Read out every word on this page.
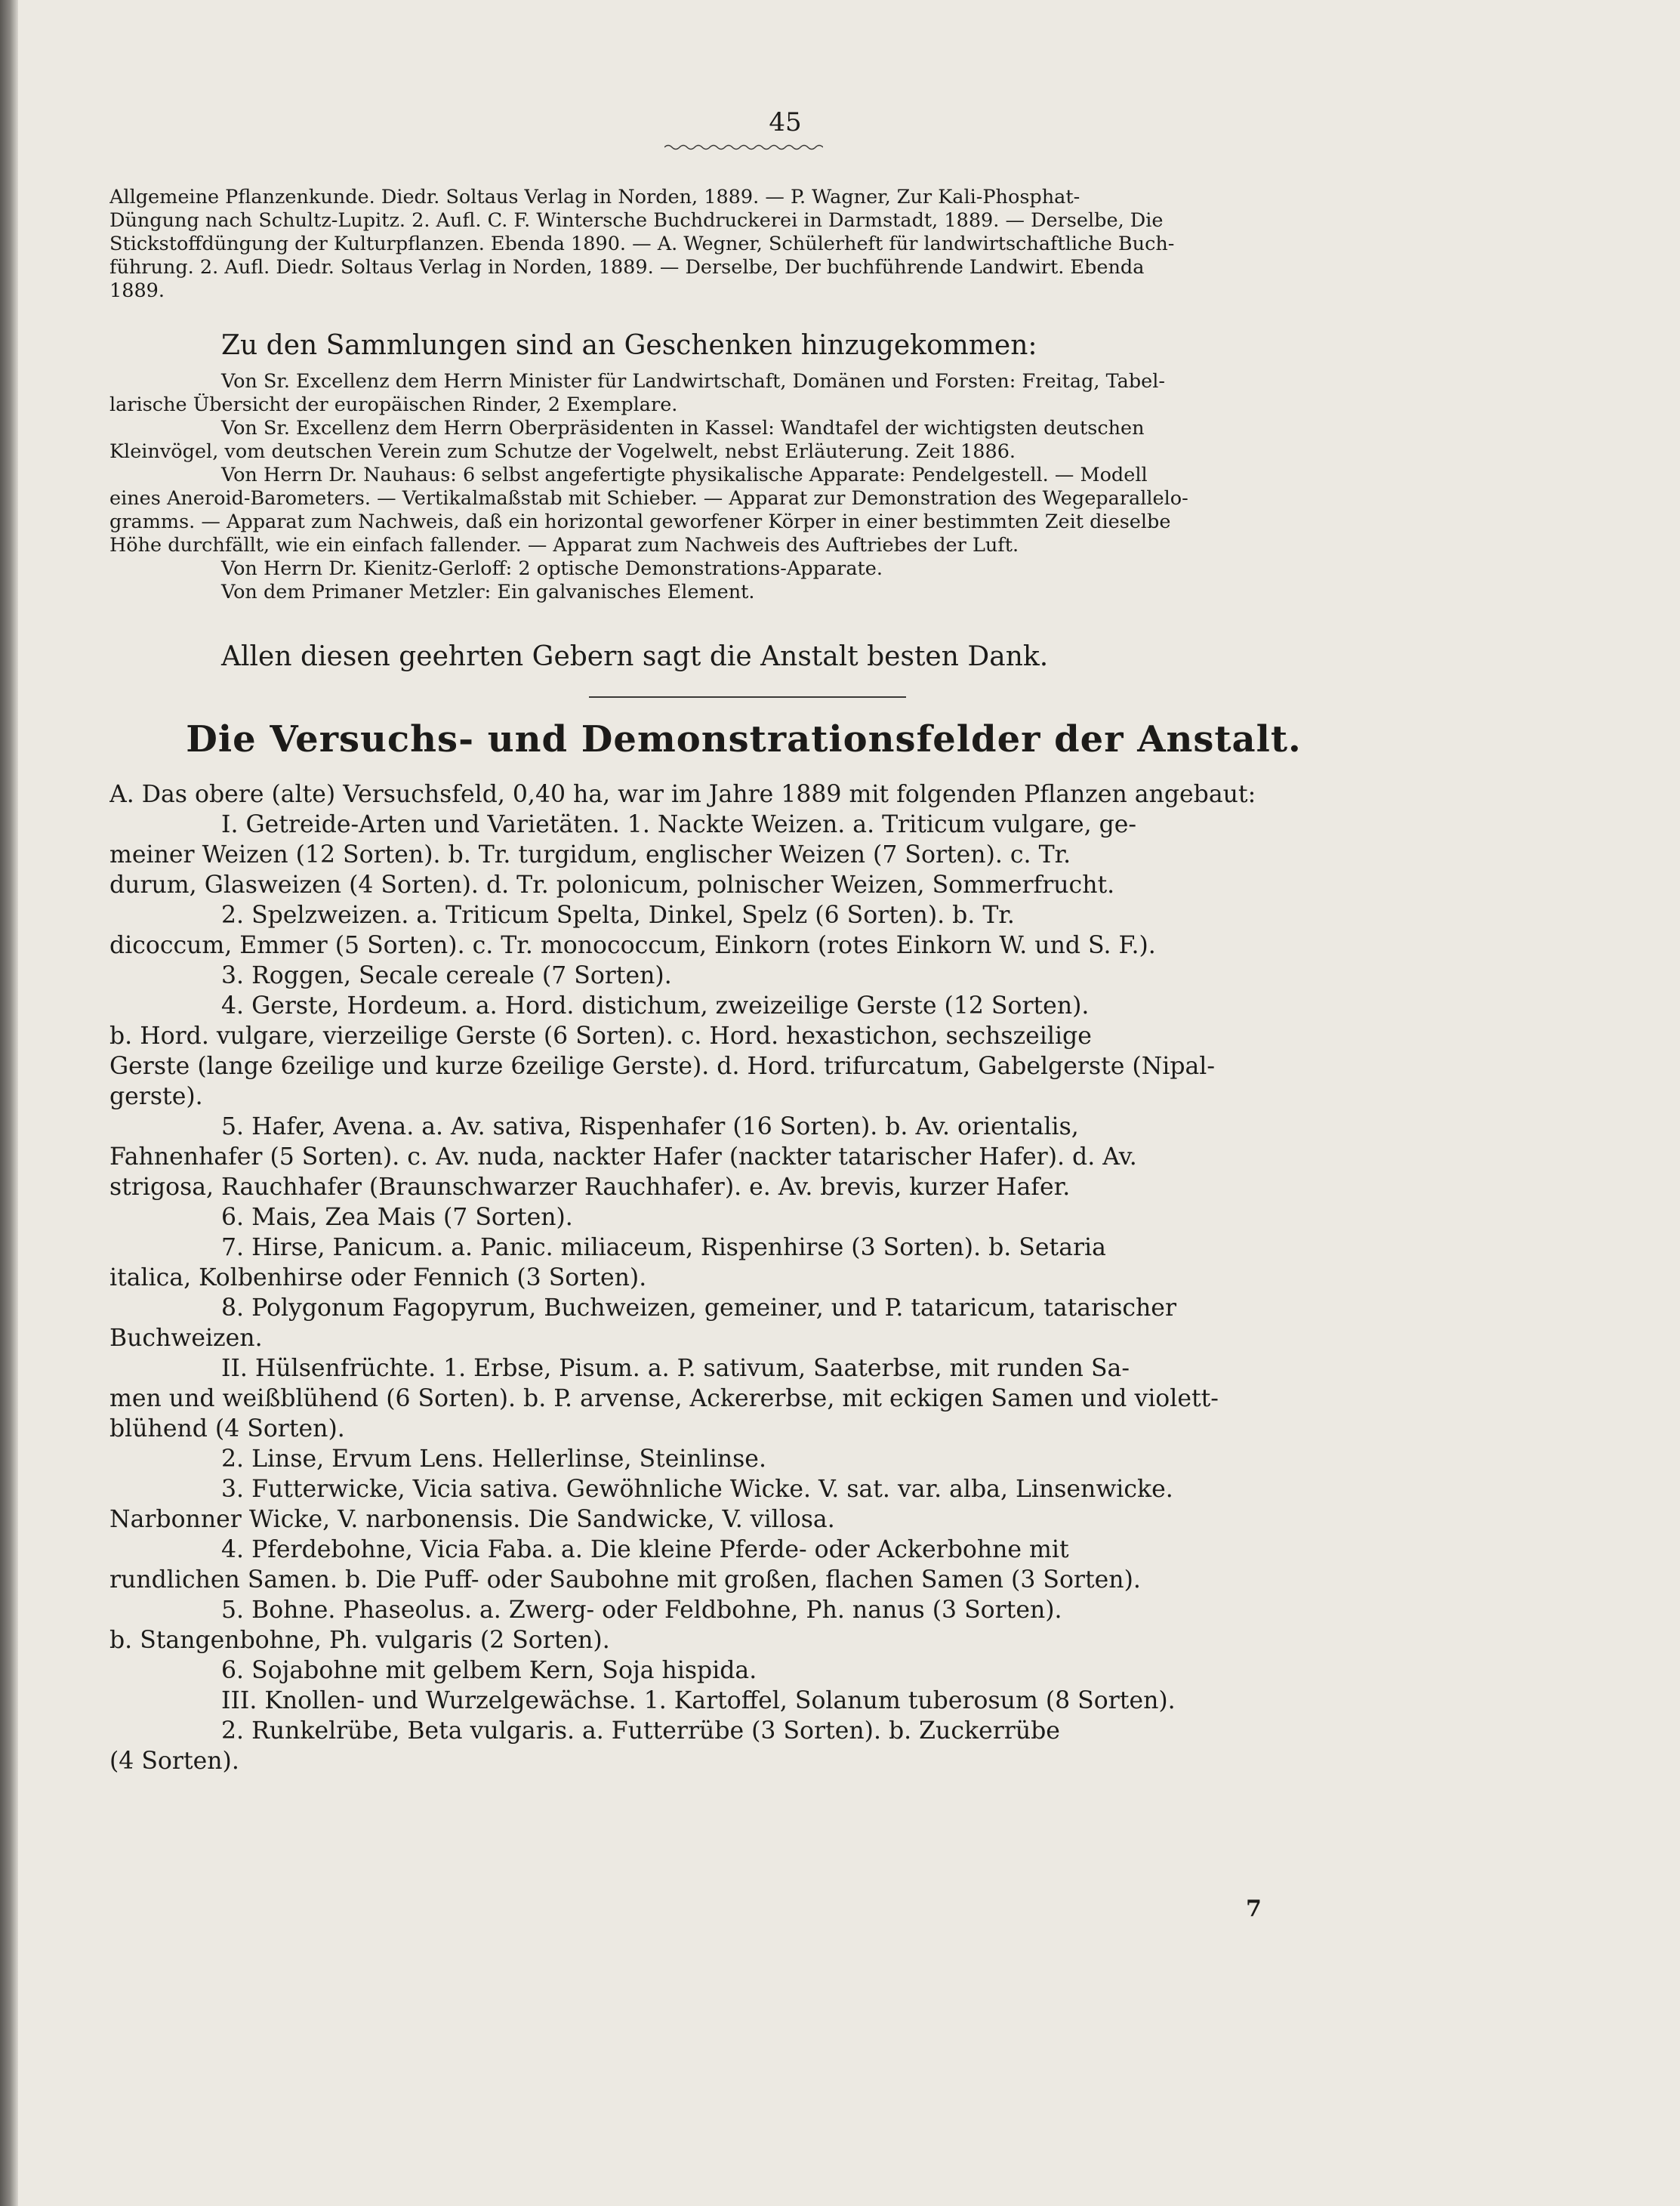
45

Allgemeine Pflanzenkunde. Diedr. Soltaus Verlag in Norden, 1889. — P. Wagner, Zur Kali-Phosphat-

Düngung nach Schultz-Lupitz. 2. Aufl. C. F. Wintersche Buchdruckerei in Darmstadt, 1889. — Derselbe, Die

Stickstoffdüngung der Kulturpflanzen. Ebenda 1890. — A. Wegner, Schülerheft für landwirtschaftliche Buch-

führung. 2. Aufl. Diedr. Soltaus Verlag in Norden, 1889. — Derselbe, Der buchführende Landwirt. Ebenda

1889.

Zu den Sammlungen sind an Geschenken hinzugekommen:

Von Sr. Excellenz dem Herrn Minister für Landwirtschaft, Domänen und Forsten: Freitag, Tabel-

larische Übersicht der europäischen Rinder, 2 Exemplare.

Von Sr. Excellenz dem Herrn Oberpräsidenten in Kassel: Wandtafel der wichtigsten deutschen

Kleinvögel, vom deutschen Verein zum Schutze der Vogelwelt, nebst Erläuterung. Zeit 1886.

Von Herrn Dr. Nauhaus: 6 selbst angefertigte physikalische Apparate: Pendelgestell. — Modell

eines Aneroid-Barometers. — Vertikalmaßstab mit Schieber. — Apparat zur Demonstration des Wegeparallelo-

gramms. — Apparat zum Nachweis, daß ein horizontal geworfener Körper in einer bestimmten Zeit dieselbe

Höhe durchfällt, wie ein einfach fallender. — Apparat zum Nachweis des Auftriebes der Luft.

Von Herrn Dr. Kienitz-Gerloff: 2 optische Demonstrations-Apparate.

Von dem Primaner Metzler: Ein galvanisches Element.

Allen diesen geehrten Gebern sagt die Anstalt besten Dank.

Die Versuchs- und Demonstrationsfelder der Anstalt.

A. Das obere (alte) Versuchsfeld, 0,40 ha, war im Jahre 1889 mit folgenden Pflanzen angebaut:

I. Getreide-Arten und Varietäten. 1. Nackte Weizen. a. Triticum vulgare, ge-

meiner Weizen (12 Sorten). b. Tr. turgidum, englischer Weizen (7 Sorten). c. Tr.

durum, Glasweizen (4 Sorten). d. Tr. polonicum, polnischer Weizen, Sommerfrucht.

2. Spelzweizen. a. Triticum Spelta, Dinkel, Spelz (6 Sorten). b. Tr.

dicoccum, Emmer (5 Sorten). c. Tr. monococcum, Einkorn (rotes Einkorn W. und S. F.).

3. Roggen, Secale cereale (7 Sorten).

4. Gerste, Hordeum. a. Hord. distichum, zweizeilige Gerste (12 Sorten).

b. Hord. vulgare, vierzeilige Gerste (6 Sorten). c. Hord. hexastichon, sechszeilige

Gerste (lange 6zeilige und kurze 6zeilige Gerste). d. Hord. trifurcatum, Gabelgerste (Nipal-

gerste).

5. Hafer, Avena. a. Av. sativa, Rispenhafer (16 Sorten). b. Av. orientalis,

Fahnenhafer (5 Sorten). c. Av. nuda, nackter Hafer (nackter tatarischer Hafer). d. Av.

strigosa, Rauchhafer (Braunschwarzer Rauchhafer). e. Av. brevis, kurzer Hafer.

6. Mais, Zea Mais (7 Sorten).

7. Hirse, Panicum. a. Panic. miliaceum, Rispenhirse (3 Sorten). b. Setaria

italica, Kolbenhirse oder Fennich (3 Sorten).

8. Polygonum Fagopyrum, Buchweizen, gemeiner, und P. tataricum, tatarischer

Buchweizen.

II. Hülsenfrüchte. 1. Erbse, Pisum. a. P. sativum, Saaterbse, mit runden Sa-

men und weißblühend (6 Sorten). b. P. arvense, Ackererbse, mit eckigen Samen und violett-

blühend (4 Sorten).

2. Linse, Ervum Lens. Hellerlinse, Steinlinse.

3. Futterwicke, Vicia sativa. Gewöhnliche Wicke. V. sat. var. alba, Linsenwicke.

Narbonner Wicke, V. narbonensis. Die Sandwicke, V. villosa.

4. Pferdebohne, Vicia Faba. a. Die kleine Pferde- oder Ackerbohne mit

rundlichen Samen. b. Die Puff- oder Saubohne mit großen, flachen Samen (3 Sorten).

5. Bohne. Phaseolus. a. Zwerg- oder Feldbohne, Ph. nanus (3 Sorten).

b. Stangenbohne, Ph. vulgaris (2 Sorten).

6. Sojabohne mit gelbem Kern, Soja hispida.

III. Knollen- und Wurzelgewächse. 1. Kartoffel, Solanum tuberosum (8 Sorten).

2. Runkelrübe, Beta vulgaris. a. Futterrübe (3 Sorten). b. Zuckerrübe

(4 Sorten).

7
